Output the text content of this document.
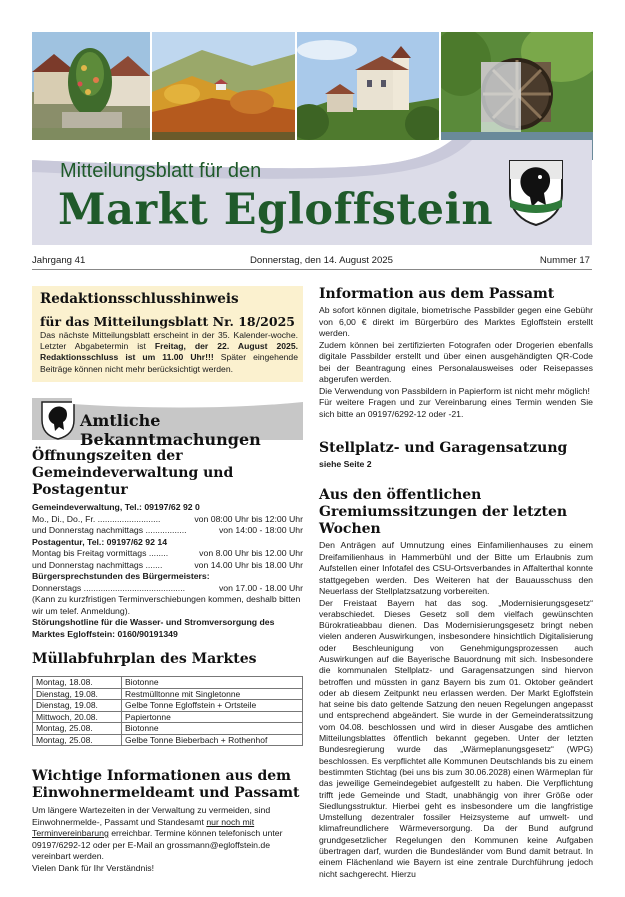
Mitteilungsblatt für den
Markt Egloffstein
Jahrgang 41	Donnerstag, den 14. August 2025	Nummer 17
Redaktionsschlusshinweis
für das Mitteilungsblatt Nr. 18/2025

Das nächste Mitteilungsblatt erscheint in der 35. Kalender-woche. Letzter Abgabetermin ist Freitag, der 22. August 2025. Redaktionsschluss ist um 11.00 Uhr!!! Später eingehende Beiträge können nicht mehr berücksichtigt werden.

Amtliche Bekanntmachungen
Öffnungszeiten der Gemeindeverwaltung und Postagentur

Gemeindeverwaltung, Tel.: 09197/62 92 0

Mo., Di., Do., Fr. ..........................	von 08:00 Uhr bis 12:00 Uhr
und Donnerstag nachmittags .................	von 14:00 - 18:00 Uhr

Postagentur, Tel.: 09197/62 92 14

Montag bis Freitag vormittags ........	von 8.00 Uhr bis 12.00 Uhr
und Donnerstag nachmittags .......	von 14.00 Uhr bis 18.00 Uhr

Bürgersprechstunden des Bürgermeisters:

Donnerstags ..........................................	von 17.00 - 18.00 Uhr

(Kann zu kurzfristigen Terminverschiebungen kommen, deshalb bitten wir um telef. Anmeldung).

Störungshotline für die Wasser- und Stromversorgung des Marktes Egloffstein: 0160/90191349

Müllabfuhrplan des Marktes
Montag, 18.08.	Biotonne
Dienstag, 19.08.	Restmülltonne mit Singletonne
Dienstag, 19.08.	Gelbe Tonne Egloffstein + Ortsteile
Mittwoch, 20.08.	Papiertonne
Montag, 25.08.	Biotonne
Montag, 25.08.	Gelbe Tonne Bieberbach + Rothenhof
Wichtige Informationen aus dem Einwohnermeldeamt und Passamt

Um längere Wartezeiten in der Verwaltung zu vermeiden, sind Einwohnermelde-, Passamt und Standesamt nur noch mit Terminvereinbarung erreichbar. Termine können telefonisch unter 09197/6292-12 oder per E-Mail an grossmann@egloffstein.de vereinbart werden.

Vielen Dank für Ihr Verständnis!

Information aus dem Passamt

Ab sofort können digitale, biometrische Passbilder gegen eine Gebühr von 6,00 € direkt im Bürgerbüro des Marktes Egloffstein erstellt werden.

Zudem können bei zertifizierten Fotografen oder Drogerien ebenfalls digitale Passbilder erstellt und über einen ausgehändigten QR-Code bei der Beantragung eines Personalausweises oder Reisepasses abgerufen werden.

Die Verwendung von Passbildern in Papierform ist nicht mehr möglich!

Für weitere Fragen und zur Vereinbarung eines Termin wenden Sie sich bitte an 09197/6292-12 oder -21.

Stellplatz- und Garagensatzung

siehe Seite 2

Aus den öffentlichen Gremiumssitzungen der letzten Wochen

Den Anträgen auf Umnutzung eines Einfamilienhauses zu einem Dreifamilienhaus in Hammerbühl und der Bitte um Erlaubnis zum Aufstellen einer Infotafel des CSU-Ortsverbandes in Affalterthal konnte stattgegeben werden. Des Weiteren hat der Bauausschuss den Neuerlass der Stellplatzsatzung vorbereiten.

Der Freistaat Bayern hat das sog. „Modernisierungsgesetz“ verabschiedet. Dieses Gesetz soll dem vielfach gewünschten Bürokratieabbau dienen. Das Modernisierungsgesetz bringt neben vielen anderen Auswirkungen, insbesondere hinsichtlich Digitalisierung oder Beschleunigung von Genehmigungsprozessen auch Auswirkungen auf die Bayerische Bauordnung mit sich. Insbesondere die kommunalen Stellplatz- und Garagensatzungen sind hiervon betroffen und müssten in ganz Bayern bis zum 01. Oktober geändert oder ab diesem Zeitpunkt neu erlassen werden. Der Markt Egloffstein hat seine bis dato geltende Satzung den neuen Regelungen angepasst und entsprechend abgeändert. Sie wurde in der Gemeinderatssitzung vom 04.08. beschlossen und wird in dieser Ausgabe des amtlichen Mitteilungsblattes öffentlich bekannt gegeben. Unter der letzten Bundesregierung wurde das „Wärmeplanungsgesetz“ (WPG) beschlossen. Es verpflichtet alle Kommunen Deutschlands bis zu einem bestimmten Stichtag (bei uns bis zum 30.06.2028) einen Wärmeplan für das jeweilige Gemeindegebiet aufgestellt zu haben. Die Verpflichtung trifft jede Gemeinde und Stadt, unabhängig von ihrer Größe oder Siedlungsstruktur. Hierbei geht es insbesondere um die langfristige Umstellung dezentraler fossiler Heizsysteme auf umwelt- und klimafreundlichere Wärmeversorgung. Da der Bund aufgrund grundgesetzlicher Regelungen den Kommunen keine Aufgaben übertragen darf, wurden die Bundesländer vom Bund damit betraut. In einem Flächenland wie Bayern ist eine zentrale Durchführung jedoch nicht sachgerecht. Hierzu
